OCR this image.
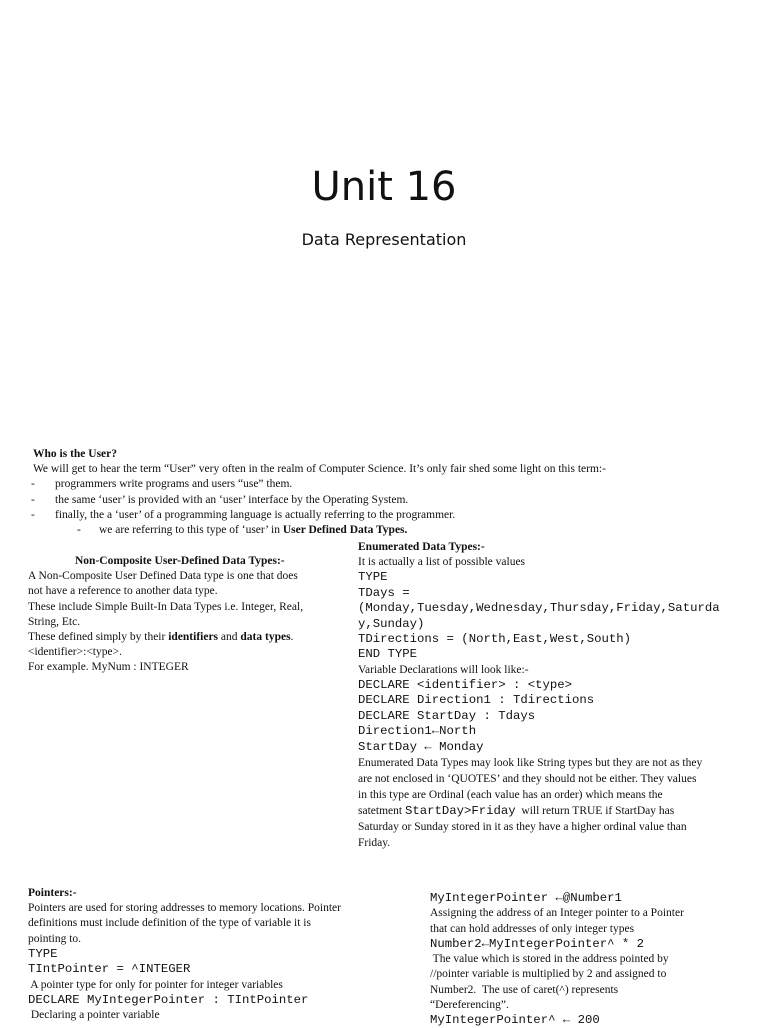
Unit 16
Data Representation
Who is the User?
We will get to hear the term “User” very often in the realm of Computer Science. It’s only fair shed some light on this term:-
- programmers write programs and users “use” them.
- the same ‘user’ is provided with an ‘user’ interface by the Operating System.
- finally, the a ‘user’ of a programming language is actually referring to the programmer.
- we are referring to this type of ‘user’ in User Defined Data Types.
Non-Composite User-Defined Data Types:-
A Non-Composite User Defined Data type is one that does
not have a reference to another data type.
These include Simple Built-In Data Types i.e. Integer, Real,
String, Etc.
These defined simply by their identifiers and data types.
<identifier>:<type>.
For example. MyNum : INTEGER
Enumerated Data Types:-
It is actually a list of possible values
TYPE
TDays =
(Monday,Tuesday,Wednesday,Thursday,Friday,Saturda
y,Sunday)
TDirections = (North,East,West,South)
END TYPE
Variable Declarations will look like:-
DECLARE <identifier> : <type>
DECLARE Direction1 : Tdirections
DECLARE StartDay : Tdays
Direction1←North
StartDay ← Monday
Enumerated Data Types may look like String types but they are not as they
are not enclosed in ‘QUOTES’ and they should not be either. They values
in this type are Ordinal (each value has an order) which means the
satetment StartDay>Friday  will return TRUE if StartDay has
Saturday or Sunday stored in it as they have a higher ordinal value than
Friday.
Pointers:-
Pointers are used for storing addresses to memory locations. Pointer
definitions must include definition of the type of variable it is
pointing to.
TYPE
TIntPointer = ^INTEGER
A pointer type for only for pointer for integer variables
DECLARE MyIntegerPointer : TIntPointer
Declaring a pointer variable
MyIntegerPointer ←@Number1
Assigning the address of an Integer pointer to a Pointer
that can hold addresses of only integer types
Number2←MyIntegerPointer^ * 2
The value which is stored in the address pointed by
//pointer variable is multiplied by 2 and assigned to
Number2.  The use of caret(^) represents
“Dereferencing”.
MyIntegerPointer^ ← 200
